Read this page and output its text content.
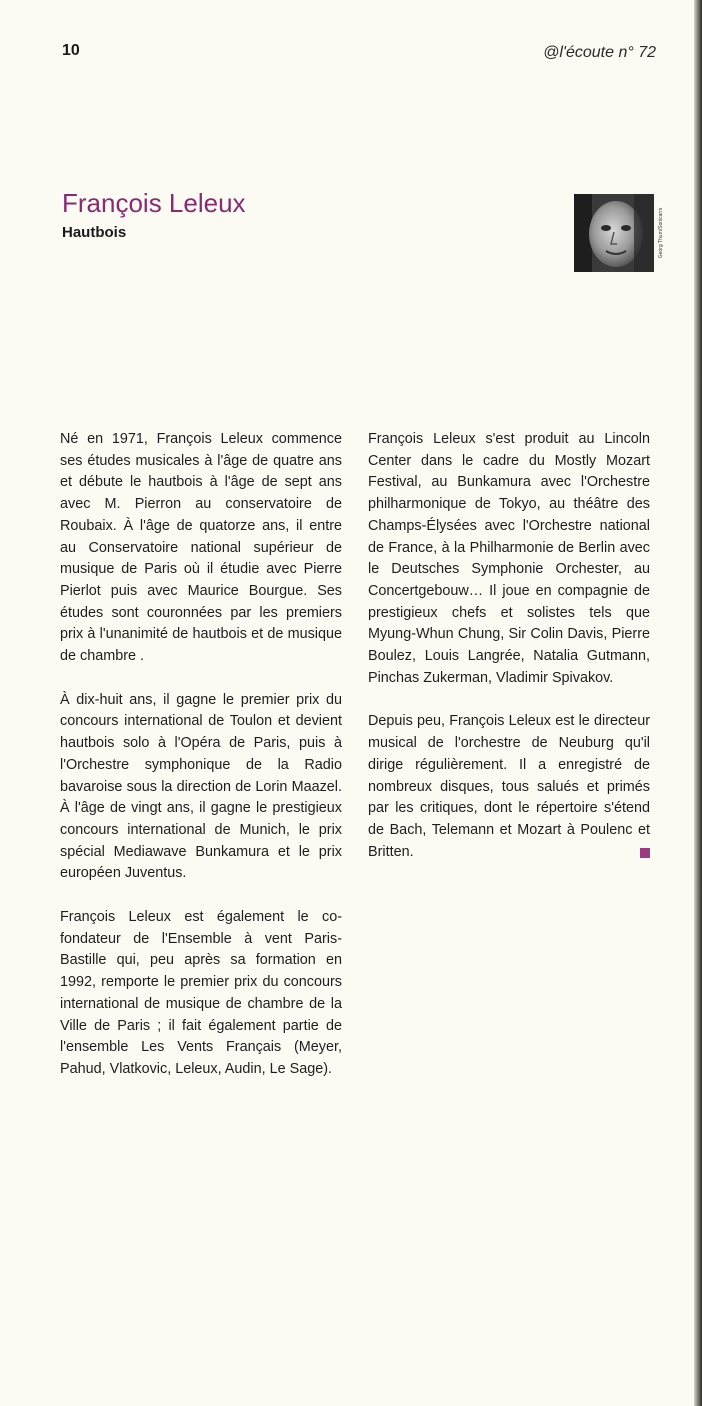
10	@l'écoute n° 72
François Leleux
Hautbois	Georg Thum/Sonicarrs

Né en 1971, François Leleux commence ses études musicales à l'âge de quatre ans et débute le hautbois à l'âge de sept ans avec M. Pierron au conservatoire de Roubaix. À l'âge de quatorze ans, il entre au Conservatoire national supérieur de musique de Paris où il étudie avec Pierre Pierlot puis avec Maurice Bourgue. Ses études sont couronnées par les premiers prix à l'unanimité de hautbois et de musique de chambre .

À dix-huit ans, il gagne le premier prix du concours international de Toulon et devient hautbois solo à l'Opéra de Paris, puis à l'Orchestre symphonique de la Radio bavaroise sous la direction de Lorin Maazel. À l'âge de vingt ans, il gagne le prestigieux concours international de Munich, le prix spécial Mediawave Bunkamura et le prix européen Juventus.

François Leleux est également le co-fondateur de l'Ensemble à vent Paris-Bastille qui, peu après sa formation en 1992, remporte le premier prix du concours international de musique de chambre de la Ville de Paris ; il fait également partie de l'ensemble Les Vents Français (Meyer, Pahud, Vlatkovic, Leleux, Audin, Le Sage).

François Leleux s'est produit au Lincoln Center dans le cadre du Mostly Mozart Festival, au Bunkamura avec l'Orchestre philharmonique de Tokyo, au théâtre des Champs-Élysées avec l'Orchestre national de France, à la Philharmonie de Berlin avec le Deutsches Symphonie Orchester, au Concertgebouw… Il joue en compagnie de prestigieux chefs et solistes tels que Myung-Whun Chung, Sir Colin Davis, Pierre Boulez, Louis Langrée, Natalia Gutmann, Pinchas Zukerman, Vladimir Spivakov.

Depuis peu, François Leleux est le directeur musical de l'orchestre de Neuburg qu'il dirige régulièrement. Il a enregistré de nombreux disques, tous salués et primés par les critiques, dont le répertoire s'étend de Bach, Telemann et Mozart à Poulenc et Britten.
